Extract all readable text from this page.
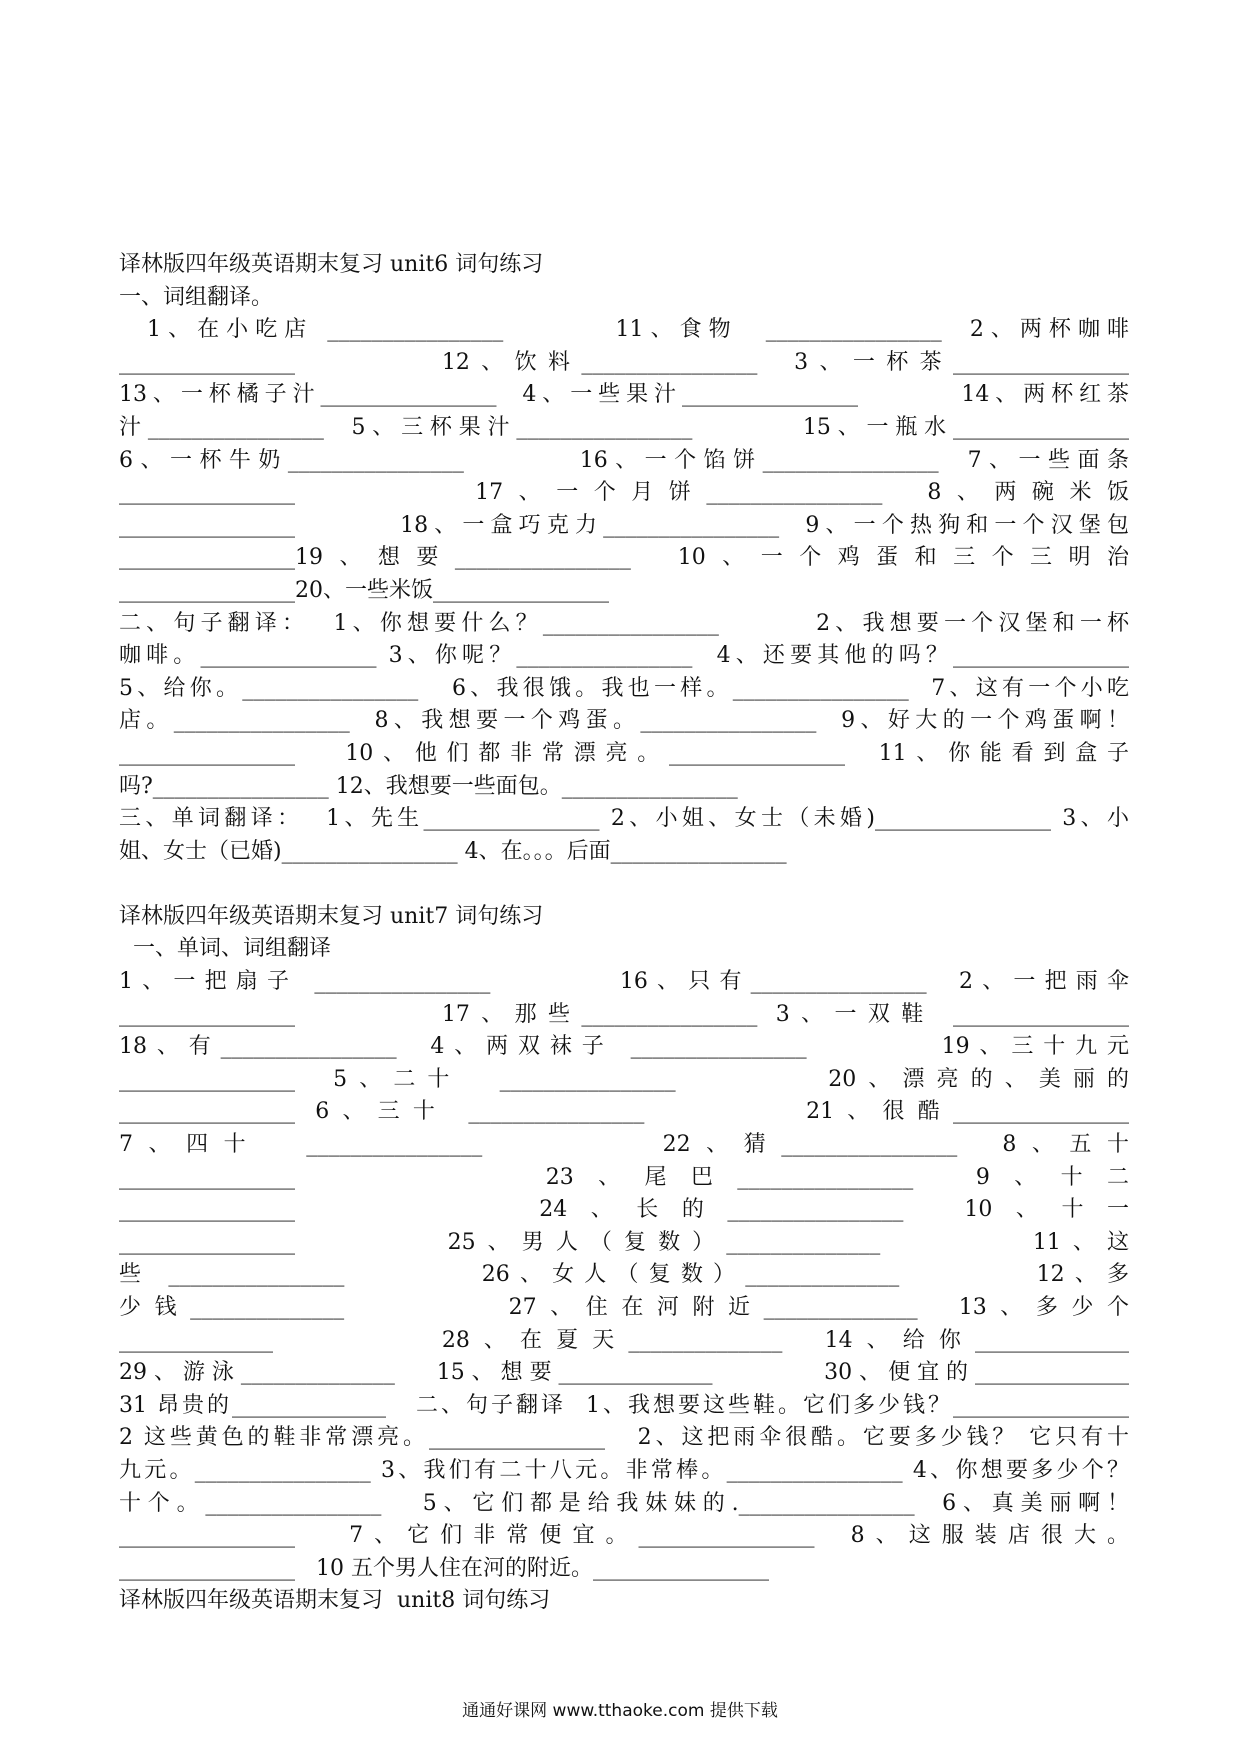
译林版四年级英语期末复习 unit6 词句练习
一、词组翻译。
1、在小吃店 ________________        11、食物  ________________  2、两杯咖啡
________________        12、饮料________________  3、一杯茶________________
13、一杯橘子汁________________  4、一些果汁________________        14、两杯红茶
汁________________  5、三杯果汁________________        15、一瓶水________________
6、一杯牛奶________________        16、一个馅饼________________  7、一些面条
________________        17、一个月饼________________  8、两碗米饭
________________        18、一盒巧克力________________  9、一个热狗和一个汉堡包
________________19、想要________________  10、一个鸡蛋和三个三明治
________________20、一些米饭________________
二、句子翻译：  1、你想要什么？________________        2、我想要一个汉堡和一杯
咖啡。________________ 3、你呢？________________  4、还要其他的吗？________________
5、给你。________________   6、我很饿。我也一样。________________  7、这有一个小吃
店。________________  8、我想要一个鸡蛋。________________  9、好大的一个鸡蛋啊！
________________   10、他们都非常漂亮。________________  11、你能看到盒子
吗?________________ 12、我想要一些面包。________________
三、单词翻译：  1、先生________________ 2、小姐、女士（未婚)________________ 3、小
姐、女士（已婚)________________ 4、在。。。后面________________
译林版四年级英语期末复习 unit7 词句练习
一、单词、词组翻译
1、一把扇子 ________________        16、只有________________  2、一把雨伞
________________        17、那些________________ 3、一双鞋 ________________
18、有________________  4、两双袜子 ________________        19、三十九元
________________  5、二十  ________________        20、漂亮的、美丽的
________________ 6、三十 ________________        21、很酷________________
7、四十  ________________        22、猜________________  8、五十
________________        23、尾巴________________  9、十二
________________        24、长的________________  10、十一
________________        25、男人（复数）______________        11、这
些 ________________        26、女人（复数）______________        12、多
少钱______________        27、住在河附近______________  13、多少个
______________        28、在夏天______________  14、给你______________
29、游泳______________   15、想要______________        30、便宜的______________
31 昂贵的______________   二、句子翻译  1、我想要这些鞋。它们多少钱？________________
2 这些黄色的鞋非常漂亮。________________   2、这把雨伞很酷。它要多少钱？ 它只有十
九元。________________ 3、我们有二十八元。非常棒。________________ 4、你想要多少个？
十个。________________   5、它们都是给我妹妹的.________________  6、真美丽啊！
________________   7、它们非常便宜。________________  8、这服装店很大。
________________   10 五个男人住在河的附近。________________
译林版四年级英语期末复习  unit8 词句练习
通通好课网 www.tthaoke.com 提供下载
